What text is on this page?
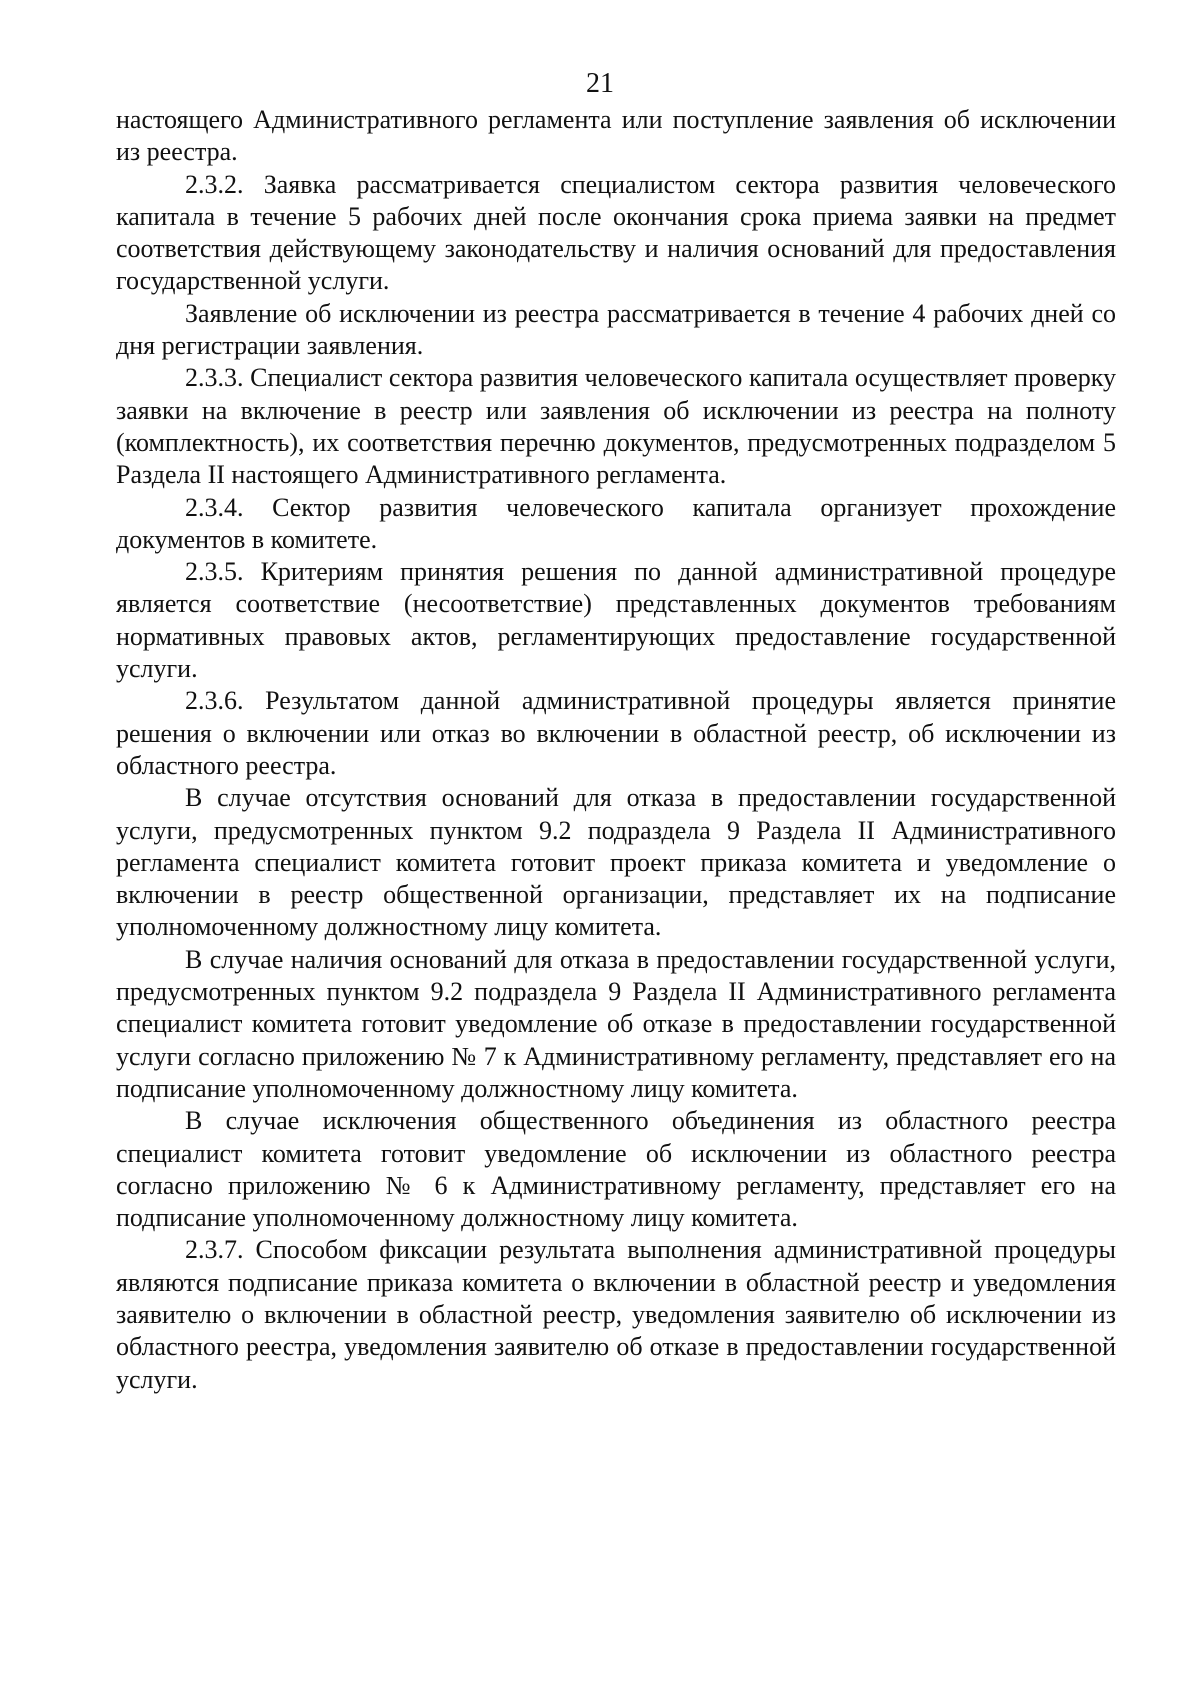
21

настоящего Административного регламента или поступление заявления об исключении из реестра.

2.3.2. Заявка рассматривается специалистом сектора развития человеческого капитала в течение 5 рабочих дней после окончания срока приема заявки на предмет соответствия действующему законодательству и наличия оснований для предоставления государственной услуги.

Заявление об исключении из реестра рассматривается в течение 4 рабочих дней со дня регистрации заявления.

2.3.3. Специалист сектора развития человеческого капитала осуществляет проверку заявки на включение в реестр или заявления об исключении из реестра на полноту (комплектность), их соответствия перечню документов, предусмотренных подразделом 5 Раздела II настоящего Административного регламента.

2.3.4. Сектор развития человеческого капитала организует прохождение документов в комитете.

2.3.5. Критериям принятия решения по данной административной процедуре является соответствие (несоответствие) представленных документов требованиям нормативных правовых актов, регламентирующих предоставление государственной услуги.

2.3.6. Результатом данной административной процедуры является принятие решения о включении или отказ во включении в областной реестр, об исключении из областного реестра.

В случае отсутствия оснований для отказа в предоставлении государственной услуги, предусмотренных пунктом 9.2 подраздела 9 Раздела II Административного регламента специалист комитета готовит проект приказа комитета и уведомление о включении в реестр общественной организации, представляет их на подписание уполномоченному должностному лицу комитета.

В случае наличия оснований для отказа в предоставлении государственной услуги, предусмотренных пунктом 9.2 подраздела 9 Раздела II Административного регламента специалист комитета готовит уведомление об отказе в предоставлении государственной услуги согласно приложению № 7 к Административному регламенту, представляет его на подписание уполномоченному должностному лицу комитета.

В случае исключения общественного объединения из областного реестра специалист комитета готовит уведомление об исключении из областного реестра согласно приложению № 6 к Административному регламенту, представляет его на подписание уполномоченному должностному лицу комитета.

2.3.7. Способом фиксации результата выполнения административной процедуры являются подписание приказа комитета о включении в областной реестр и уведомления заявителю о включении в областной реестр, уведомления заявителю об исключении из областного реестра, уведомления заявителю об отказе в предоставлении государственной услуги.
